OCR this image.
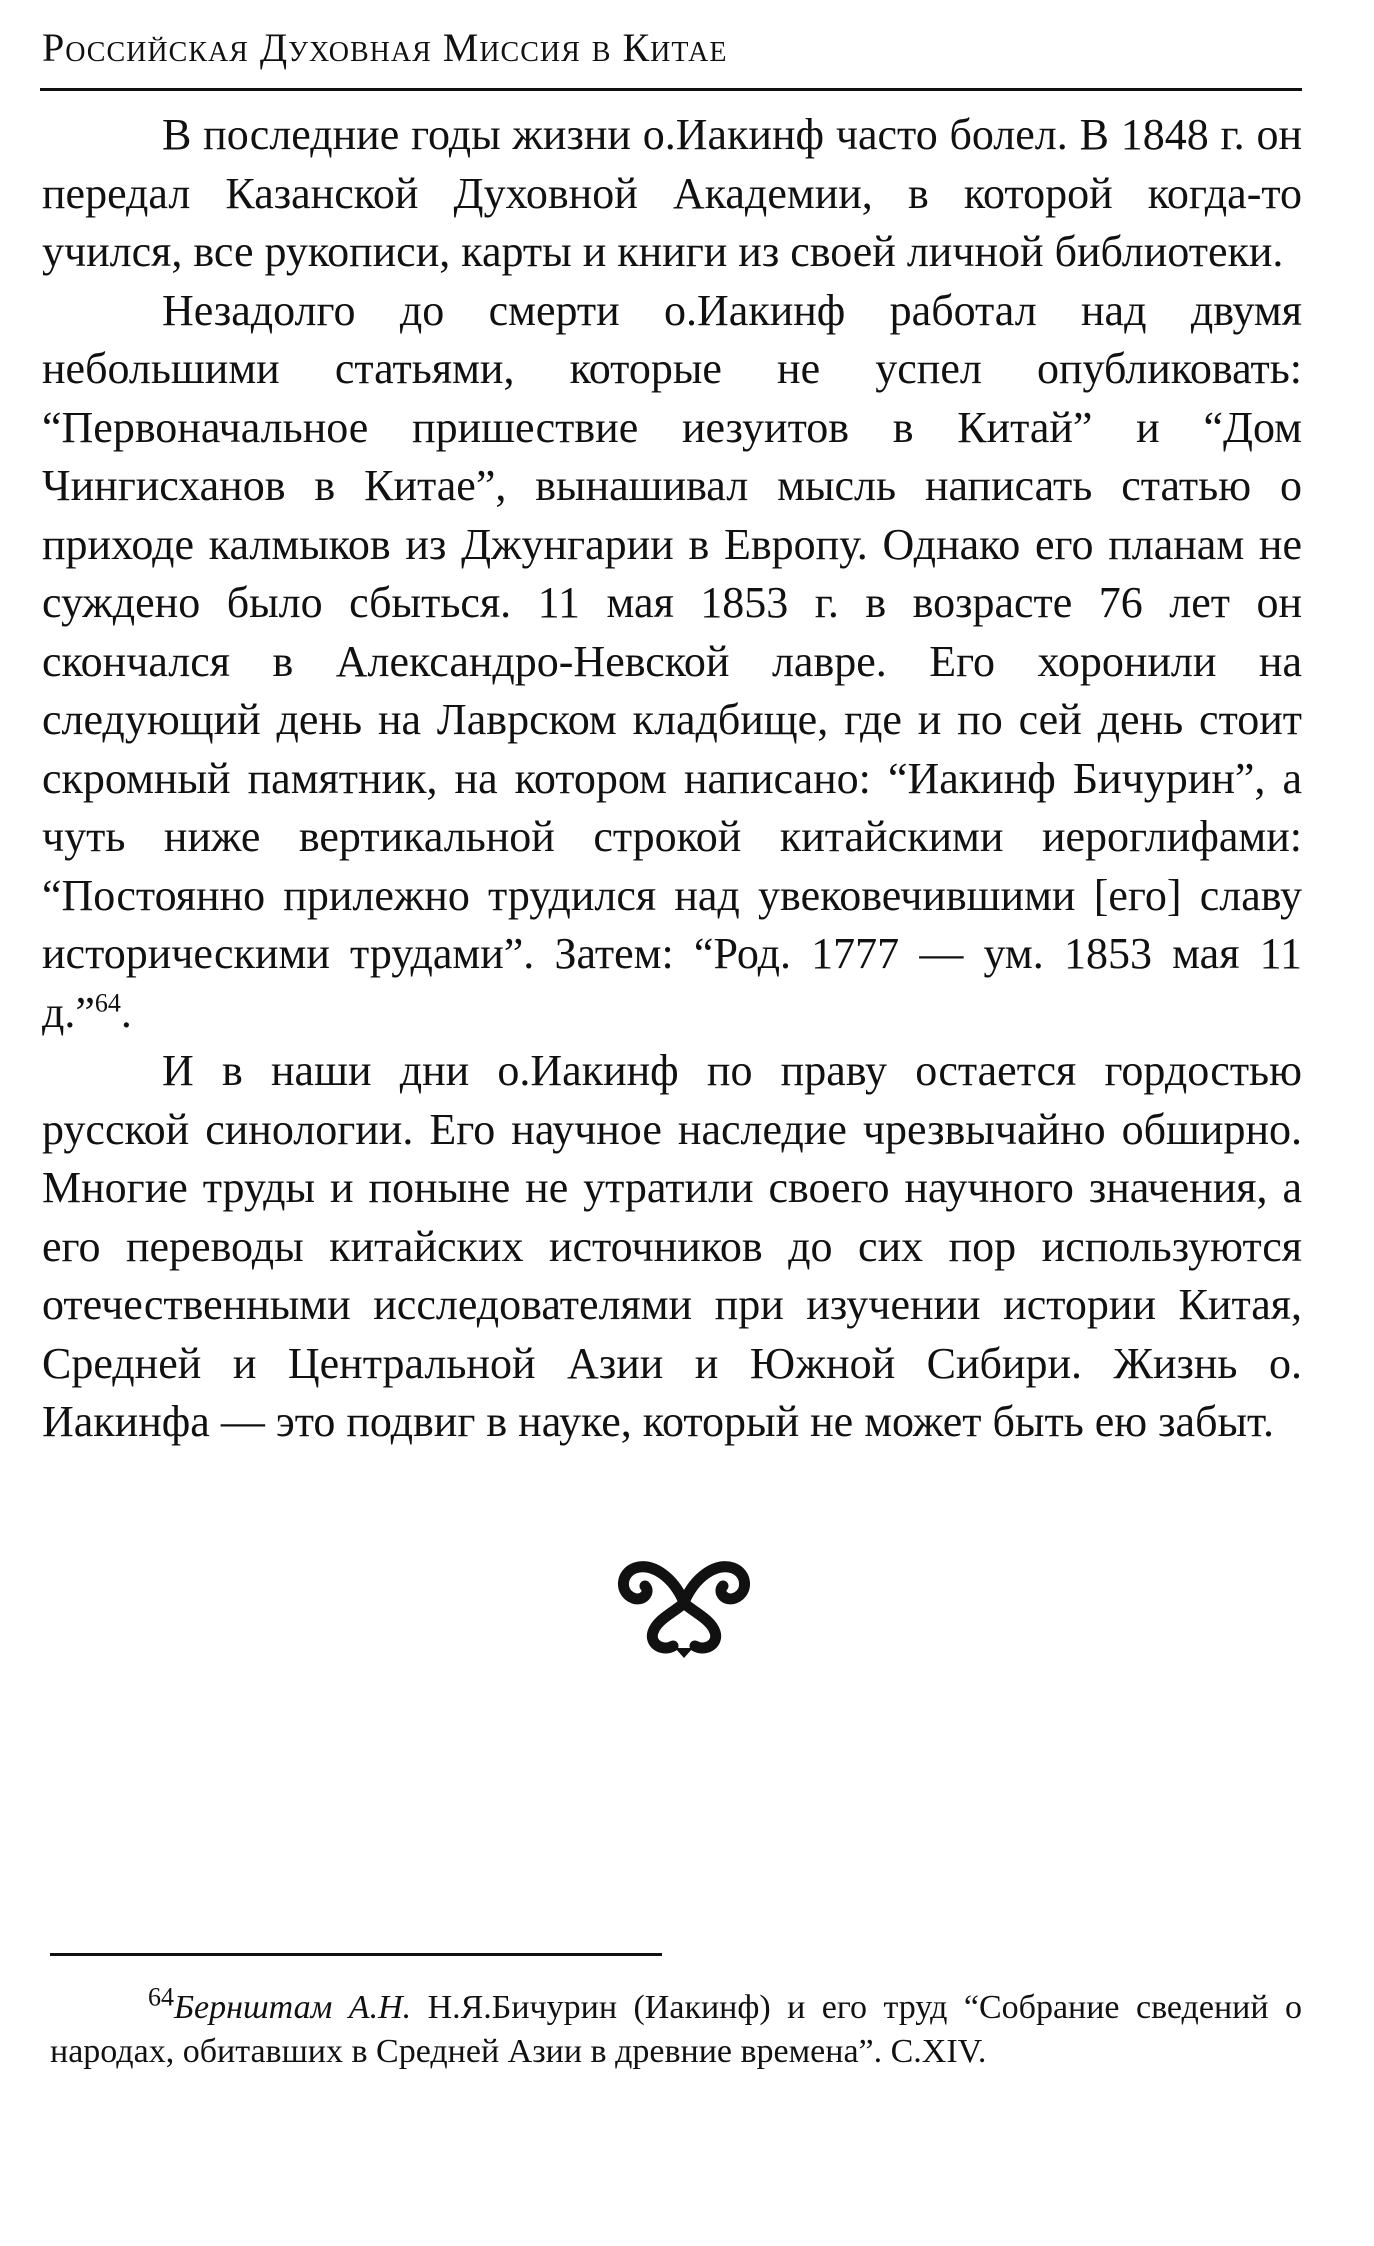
Российская Духовная Миссия в Китае

В последние годы жизни о.Иакинф часто болел. В 1848 г. он передал Казанской Духовной Академии, в которой когда-то учился, все рукописи, карты и книги из своей личной библиотеки.

Незадолго до смерти о.Иакинф работал над двумя небольшими статьями, которые не успел опубликовать: “Первоначальное пришествие иезуитов в Китай” и “Дом Чингисханов в Китае”, вынашивал мысль написать статью о приходе калмыков из Джунгарии в Европу. Однако его планам не суждено было сбыться. 11 мая 1853 г. в возрасте 76 лет он скончался в Александро-Невской лавре. Его хоронили на следующий день на Лаврском кладбище, где и по сей день стоит скромный памятник, на котором написано: “Иакинф Бичурин”, а чуть ниже вертикальной строкой китайскими иероглифами: “Постоянно прилежно трудился над увековечившими [его] славу историческими трудами”. Затем: “Род. 1777 — ум. 1853 мая 11 д.”$^{64}$.

И в наши дни о.Иакинф по праву остается гордостью русской синологии. Его научное наследие чрезвычайно обширно. Многие труды и поныне не утратили своего научного значения, а его переводы китайских источников до сих пор используются отечественными исследователями при изучении истории Китая, Средней и Центральной Азии и Южной Сибири. Жизнь о. Иакинфа — это подвиг в науке, который не может быть ею забыт.

$^{64}$Бернштам А.Н. Н.Я.Бичурин (Иакинф) и его труд “Собрание сведений о народах, обитавших в Средней Азии в древние времена”. С.XIV.
